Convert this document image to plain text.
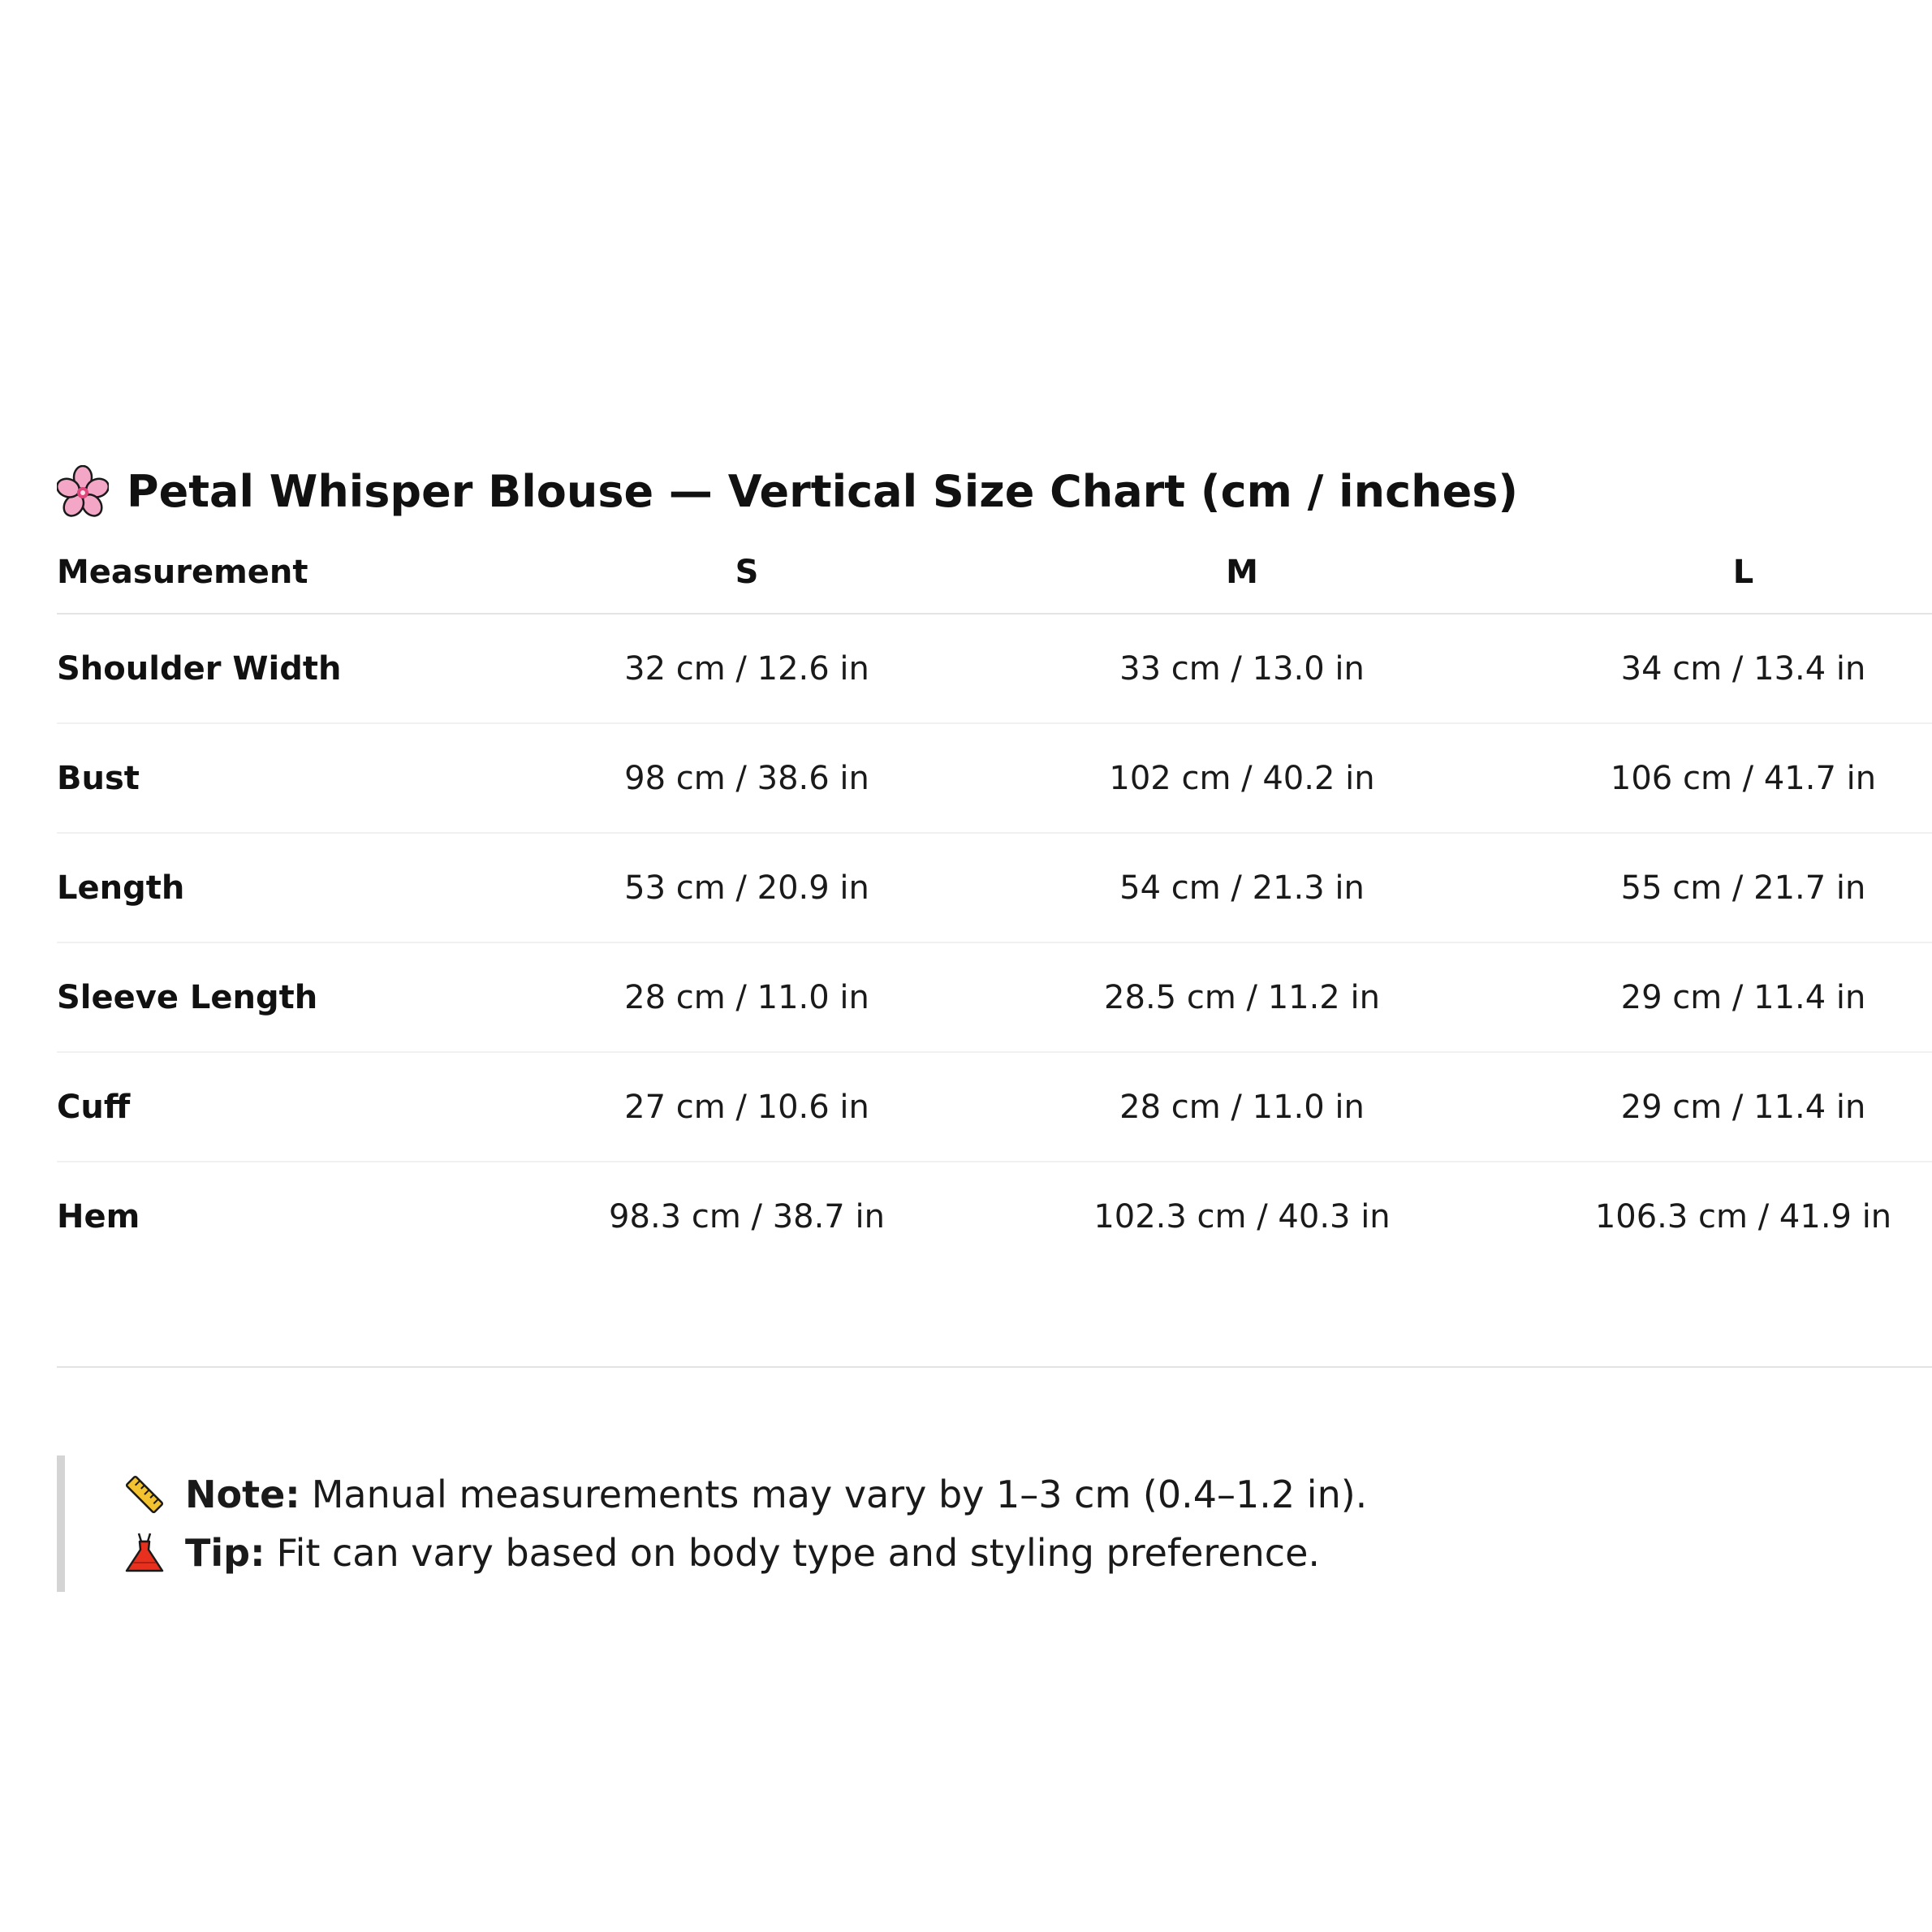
Petal Whisper Blouse — Vertical Size Chart (cm / inches)
Measurement	S	M	L
Shoulder Width	32 cm / 12.6 in	33 cm / 13.0 in	34 cm / 13.4 in
Bust	98 cm / 38.6 in	102 cm / 40.2 in	106 cm / 41.7 in
Length	53 cm / 20.9 in	54 cm / 21.3 in	55 cm / 21.7 in
Sleeve Length	28 cm / 11.0 in	28.5 cm / 11.2 in	29 cm / 11.4 in
Cuff	27 cm / 10.6 in	28 cm / 11.0 in	29 cm / 11.4 in
Hem	98.3 cm / 38.7 in	102.3 cm / 40.3 in	106.3 cm / 41.9 in
Note: Manual measurements may vary by 1–3 cm (0.4–1.2 in).
Tip: Fit can vary based on body type and styling preference.
